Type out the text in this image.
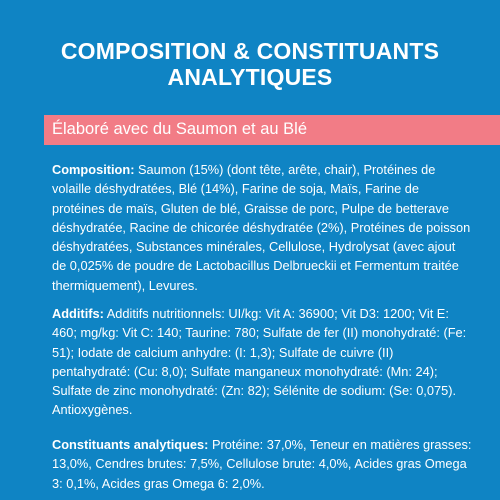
COMPOSITION & CONSTITUANTS
ANALYTIQUES
Élaboré avec du Saumon et au Blé
Composition: Saumon (15%) (dont tête, arête, chair), Protéines de volaille déshydratées, Blé (14%), Farine de soja, Maïs, Farine de protéines de maïs, Gluten de blé, Graisse de porc, Pulpe de betterave déshydratée, Racine de chicorée déshydratée (2%), Protéines de poisson déshydratées, Substances minérales, Cellulose, Hydrolysat (avec ajout de 0,025% de poudre de Lactobacillus Delbrueckii et Fermentum traitée thermiquement), Levures.
Additifs: Additifs nutritionnels: UI/kg: Vit A: 36900; Vit D3: 1200; Vit E: 460; mg/kg: Vit C: 140; Taurine: 780; Sulfate de fer (II) monohydraté: (Fe: 51); Iodate de calcium anhydre: (I: 1,3); Sulfate de cuivre (II) pentahydraté: (Cu: 8,0); Sulfate manganeux monohydraté: (Mn: 24); Sulfate de zinc monohydraté: (Zn: 82); Sélénite de sodium: (Se: 0,075). Antioxygènes.
Constituants analytiques: Protéine: 37,0%, Teneur en matières grasses: 13,0%, Cendres brutes: 7,5%, Cellulose brute: 4,0%, Acides gras Omega 3: 0,1%, Acides gras Omega 6: 2,0%.
